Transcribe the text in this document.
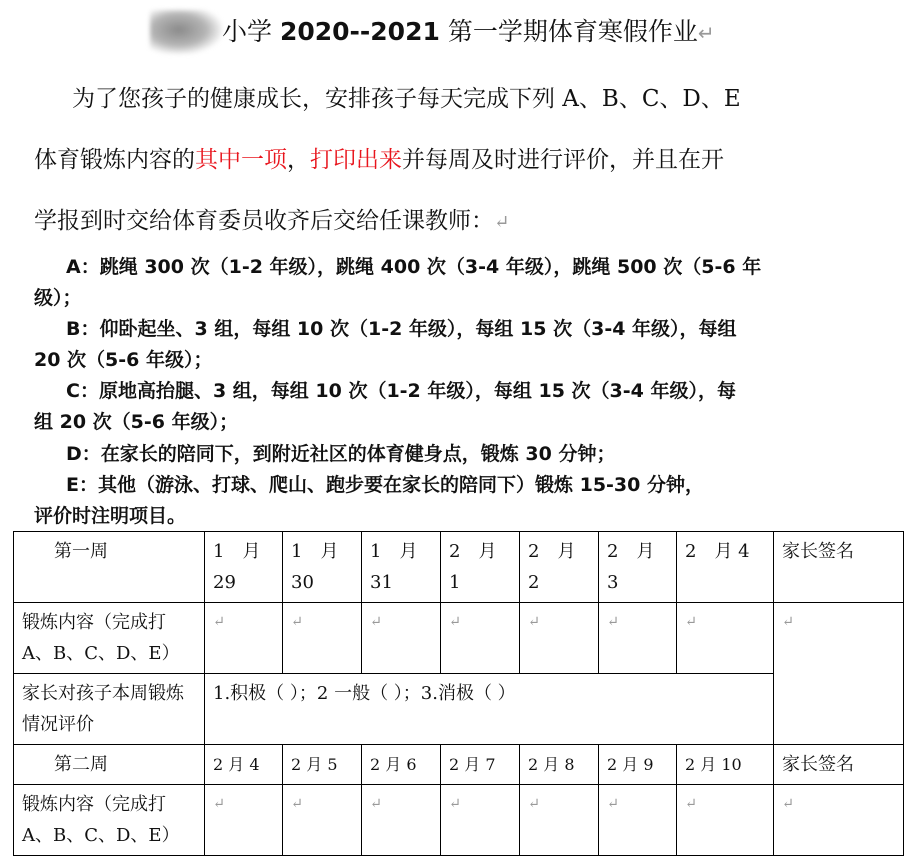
小学 2020--2021 第一学期体育寒假作业↵
为了您孩子的健康成长，安排孩子每天完成下列 A、B、C、D、E
体育锻炼内容的其中一项，打印出来并每周及时进行评价，并且在开
学报到时交给体育委员收齐后交给任课教师：↵
A：跳绳 300 次（1-2 年级），跳绳 400 次（3-4 年级），跳绳 500 次（5-6 年
级）；
B：仰卧起坐、3 组，每组 10 次（1-2 年级），每组 15 次（3-4 年级），每组
20 次（5-6 年级）；
C：原地高抬腿、3 组，每组 10 次（1-2 年级），每组 15 次（3-4 年级），每
组 20 次（5-6 年级）；
D：在家长的陪同下，到附近社区的体育健身点，锻炼 30 分钟；
E：其他（游泳、打球、爬山、跑步要在家长的陪同下）锻炼 15-30 分钟，
评价时注明项目。
第一周	1　月 29	1　月 30	1　月 31	2　月 1	2　月 2	2　月 3	2　月 4	家长签名
锻炼内容（完成打A、B、C、D、E）	↵	↵	↵	↵	↵	↵	↵	↵
家长对孩子本周锻炼情况评价	1.积极（ ）；2 一般（ ）；3.消极（ ）							
第二周	2 月 4	2 月 5	2 月 6	2 月 7	2 月 8	2 月 9	2 月 10	家长签名
锻炼内容（完成打A、B、C、D、E）	↵	↵	↵	↵	↵	↵	↵	↵
